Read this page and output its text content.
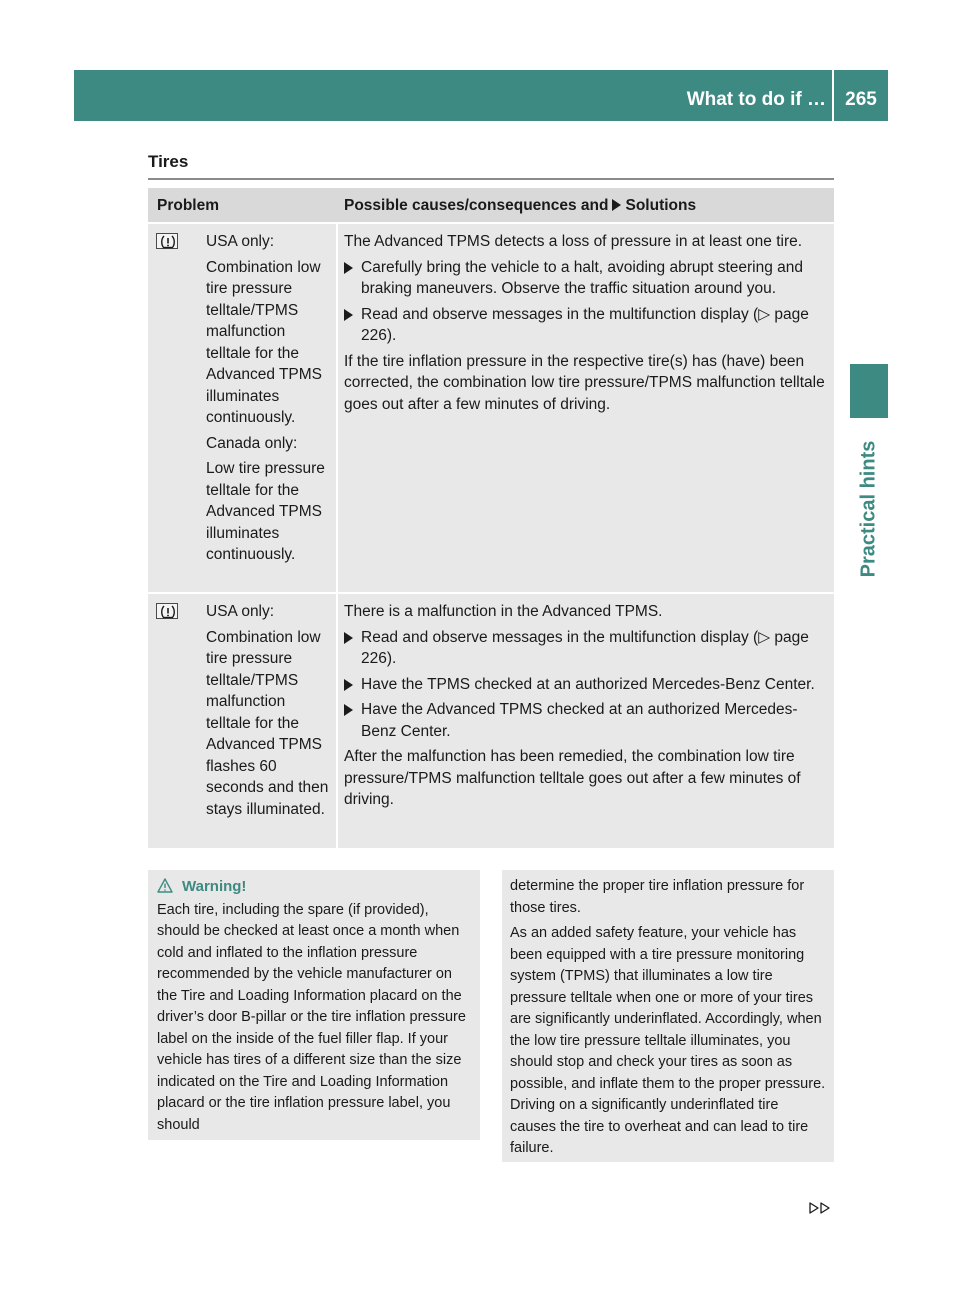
What to do if …	265
Practical hints
Tires
Problem	Possible causes/consequences and Solutions

USA only:

Combination low tire pressure telltale/TPMS malfunction telltale for the Advanced TPMS illuminates continuously.

Canada only:

Low tire pressure telltale for the Advanced TPMS illuminates continuously.

The Advanced TPMS detects a loss of pressure in at least one tire.

Carefully bring the vehicle to a halt, avoiding abrupt steering and braking maneuvers. Observe the traffic situation around you.
Read and observe messages in the multifunction display (▷ page 226).

If the tire inflation pressure in the respective tire(s) has (have) been corrected, the combination low tire pressure/TPMS malfunction telltale goes out after a few minutes of driving.

USA only:

Combination low tire pressure telltale/TPMS malfunction telltale for the Advanced TPMS flashes 60 seconds and then stays illuminated.

There is a malfunction in the Advanced TPMS.

Read and observe messages in the multifunction display (▷ page 226).
Have the TPMS checked at an authorized Mercedes-Benz Center.
Have the Advanced TPMS checked at an authorized Mercedes-Benz Center.

After the malfunction has been remedied, the combination low tire pressure/TPMS malfunction telltale goes out after a few minutes of driving.

Warning!

Each tire, including the spare (if provided), should be checked at least once a month when cold and inflated to the inflation pressure recommended by the vehicle manufacturer on the Tire and Loading Information placard on the driver’s door B-pillar or the tire inflation pressure label on the inside of the fuel filler flap. If your vehicle has tires of a different size than the size indicated on the Tire and Loading Information placard or the tire inflation pressure label, you should

determine the proper tire inflation pressure for those tires.

As an added safety feature, your vehicle has been equipped with a tire pressure monitoring system (TPMS) that illuminates a low tire pressure telltale when one or more of your tires are significantly underinflated. Accordingly, when the low tire pressure telltale illuminates, you should stop and check your tires as soon as possible, and inflate them to the proper pressure. Driving on a significantly underinflated tire causes the tire to overheat and can lead to tire failure.
